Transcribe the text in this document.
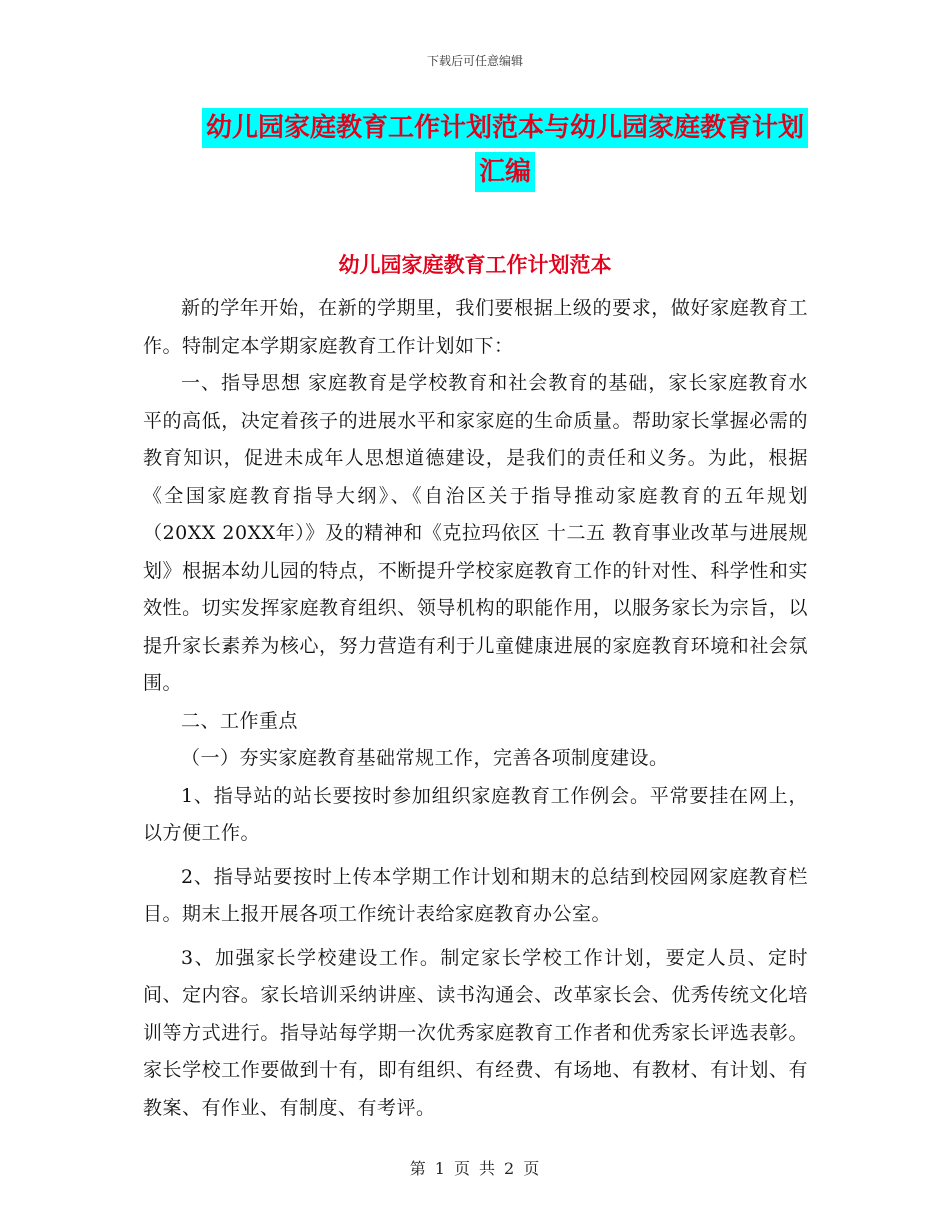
下载后可任意编辑
幼儿园家庭教育工作计划范本与幼儿园家庭教育计划
汇编
幼儿园家庭教育工作计划范本

新的学年开始，在新的学期里，我们要根据上级的要求，做好家庭教育工作。特制定本学期家庭教育工作计划如下：

一、指导思想 家庭教育是学校教育和社会教育的基础，家长家庭教育水平的高低，决定着孩子的进展水平和家家庭的生命质量。帮助家长掌握必需的教育知识，促进未成年人思想道德建设，是我们的责任和义务。为此，根据《全国家庭教育指导大纲》、《自治区关于指导推动家庭教育的五年规划（20XX 20XX年）》及的精神和《克拉玛依区 十二五 教育事业改革与进展规划》根据本幼儿园的特点，不断提升学校家庭教育工作的针对性、科学性和实效性。切实发挥家庭教育组织、领导机构的职能作用，以服务家长为宗旨，以提升家长素养为核心，努力营造有利于儿童健康进展的家庭教育环境和社会氛围。

二、工作重点

（一）夯实家庭教育基础常规工作，完善各项制度建设。

1、指导站的站长要按时参加组织家庭教育工作例会。平常要挂在网上，以方便工作。

2、指导站要按时上传本学期工作计划和期末的总结到校园网家庭教育栏目。期末上报开展各项工作统计表给家庭教育办公室。

3、加强家长学校建设工作。制定家长学校工作计划，要定人员、定时间、定内容。家长培训采纳讲座、读书沟通会、改革家长会、优秀传统文化培训等方式进行。指导站每学期一次优秀家庭教育工作者和优秀家长评选表彰。家长学校工作要做到十有，即有组织、有经费、有场地、有教材、有计划、有教案、有作业、有制度、有考评。

第 1 页 共 2 页
